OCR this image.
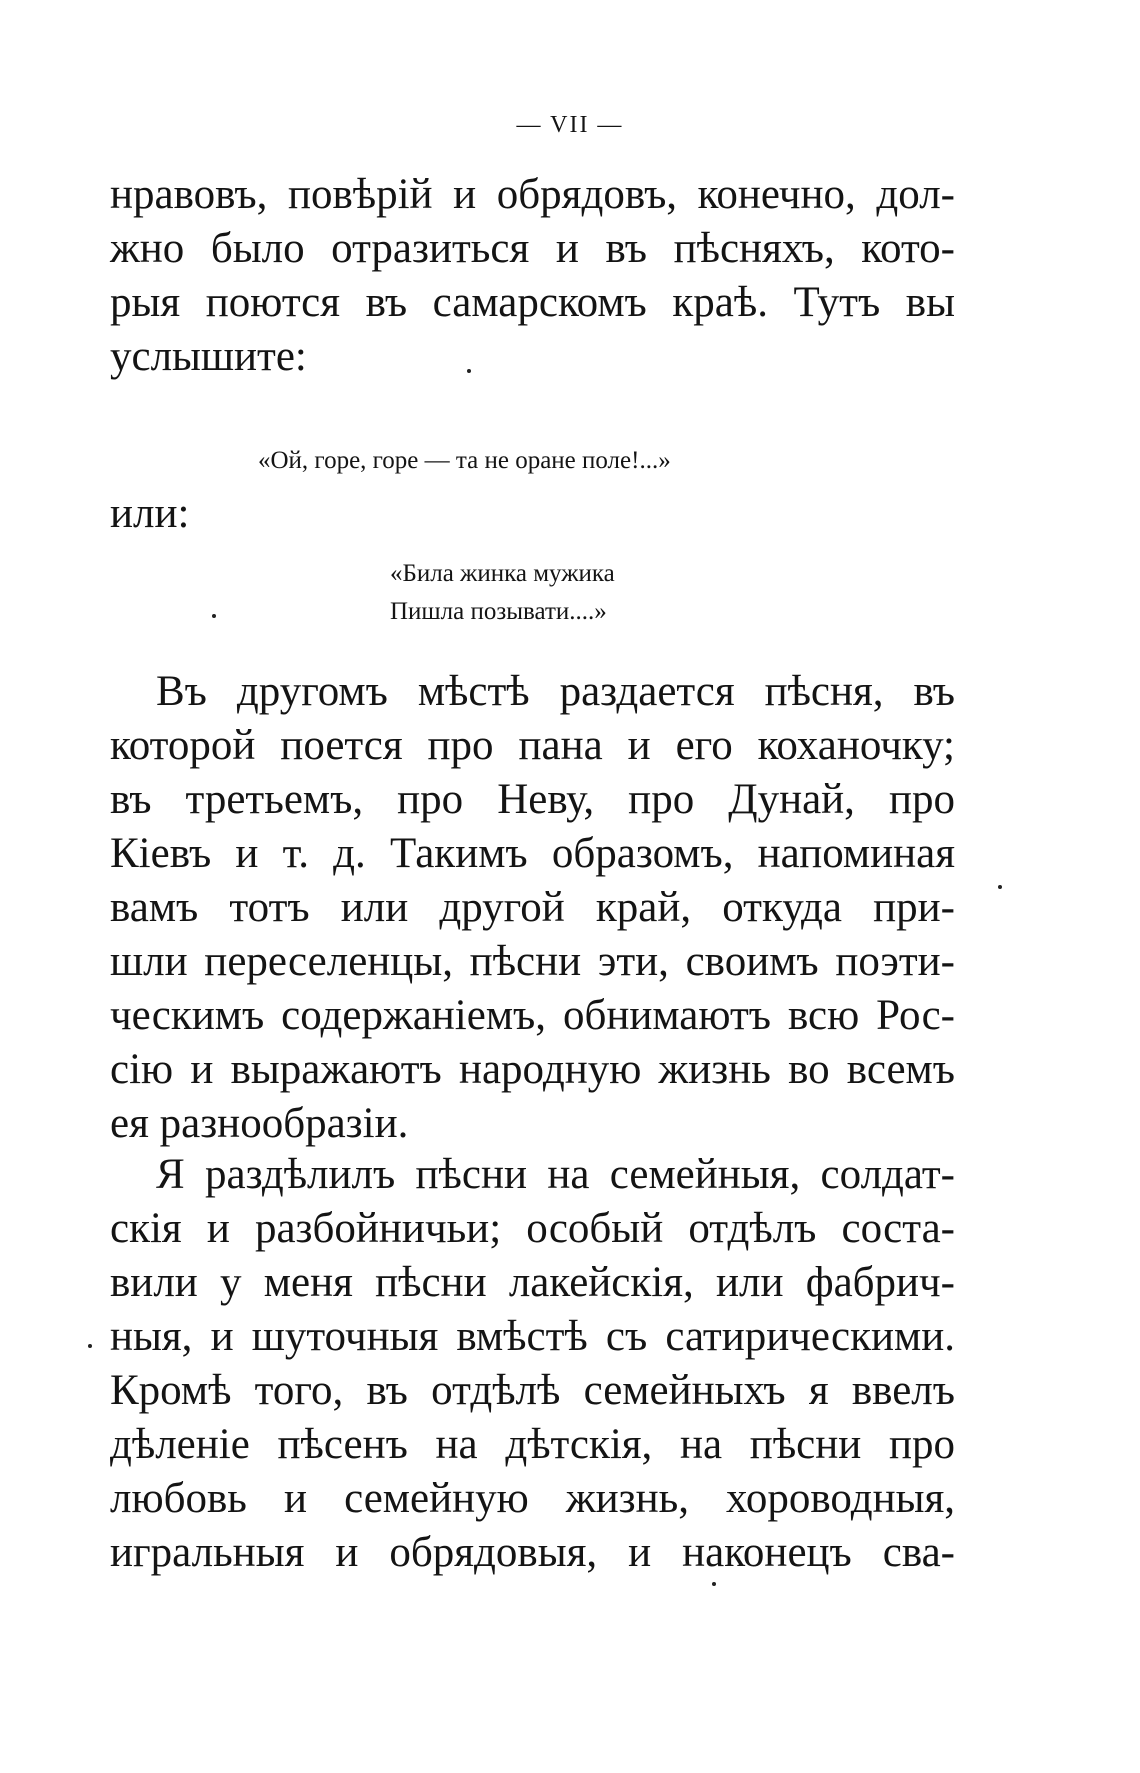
— VII —
нравовъ, повѣрій и обрядовъ, конечно, дол-
жно было отразиться и въ пѣсняхъ, кото-
рыя поются въ самарскомъ краѣ. Тутъ вы
услышите:
«Ой, горе, горе — та не оране поле!...»
или:
«Била жинка мужика
Пишла позывати....»
Въ другомъ мѣстѣ раздается пѣсня, въ
которой поется про пана и его коханочку;
въ третьемъ, про Неву, про Дунай, про
Кіевъ и т. д. Такимъ образомъ, напоминая
вамъ тотъ или другой край, откуда при-
шли переселенцы, пѣсни эти, своимъ поэти-
ческимъ содержаніемъ, обнимаютъ всю Рос-
сію и выражаютъ народную жизнь во всемъ
ея разнообразіи.
Я раздѣлилъ пѣсни на семейныя, солдат-
скія и разбойничьи; особый отдѣлъ соста-
вили у меня пѣсни лакейскія, или фабрич-
ныя, и шуточныя вмѣстѣ съ сатирическими.
Кромѣ того, въ отдѣлѣ семейныхъ я ввелъ
дѣленіе пѣсенъ на дѣтскія, на пѣсни про
любовь и семейную жизнь, хороводныя,
игральныя и обрядовыя, и наконецъ сва-
